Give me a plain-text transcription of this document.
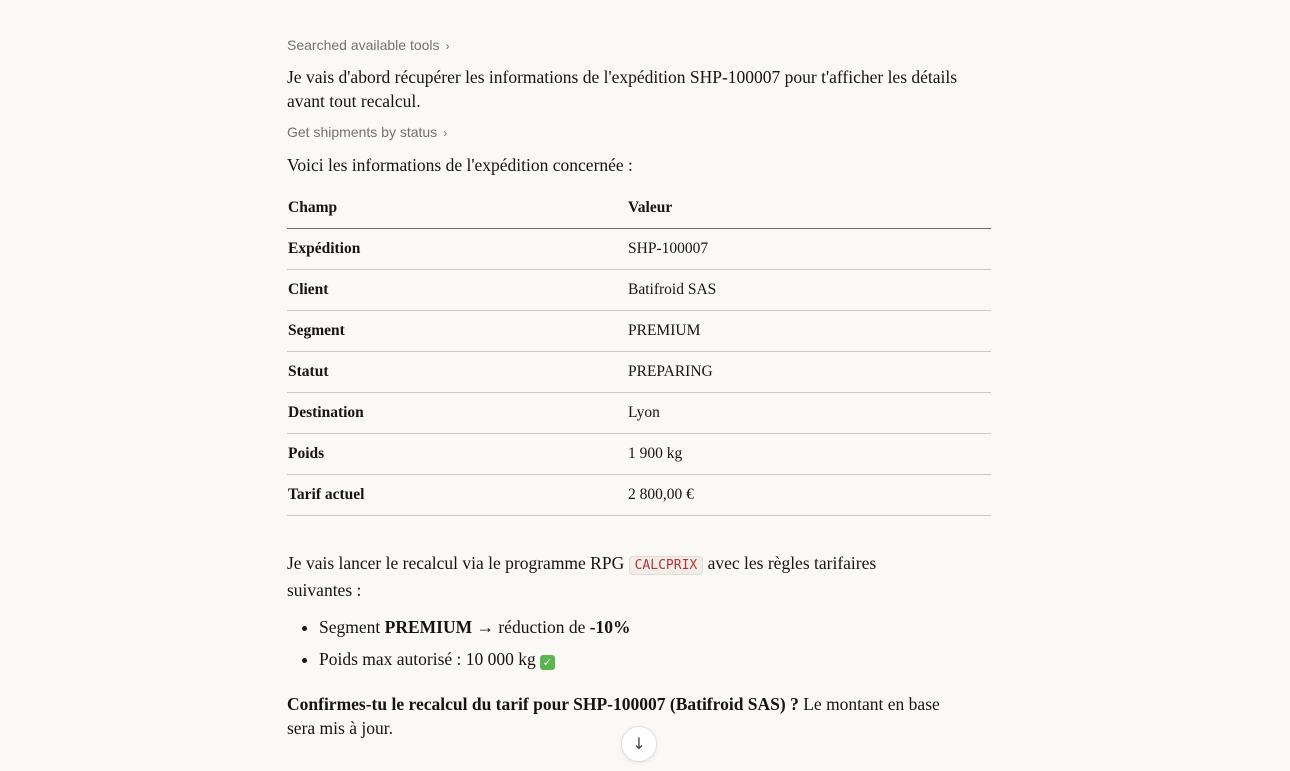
Searched available tools ›
Je vais d'abord récupérer les informations de l'expédition SHP-100007 pour t'afficher les détails avant tout recalcul.
Get shipments by status ›
Voici les informations de l'expédition concernée :
Champ	Valeur
Expédition	SHP-100007
Client	Batifroid SAS
Segment	PREMIUM
Statut	PREPARING
Destination	Lyon
Poids	1 900 kg
Tarif actuel	2 800,00 €
Je vais lancer le recalcul via le programme RPG CALCPRIX avec les règles tarifaires suivantes :
• Segment PREMIUM → réduction de -10%
• Poids max autorisé : 10 000 kg ✓
Confirmes-tu le recalcul du tarif pour SHP-100007 (Batifroid SAS) ? Le montant en base sera mis à jour.
↓
